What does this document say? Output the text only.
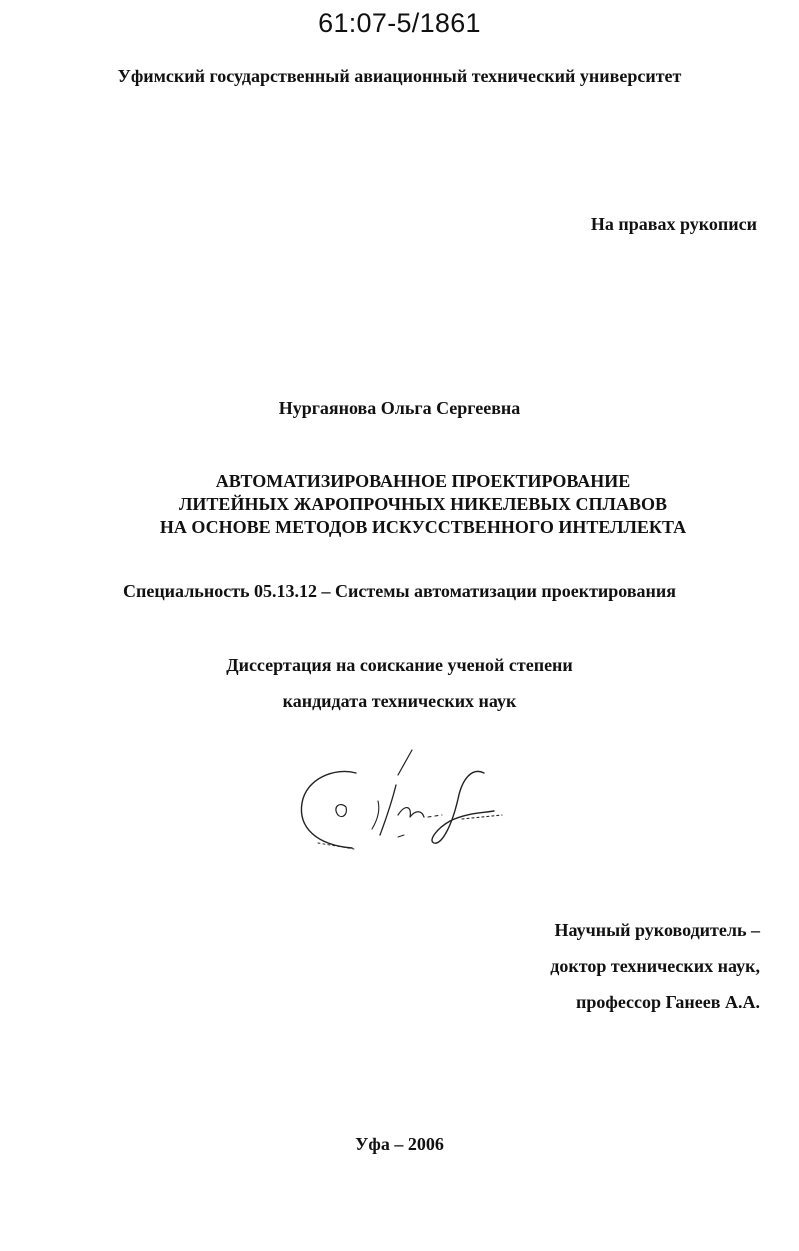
61:07-5/1861
Уфимский государственный авиационный технический университет
На правах рукописи
Нургаянова Ольга Сергеевна
АВТОМАТИЗИРОВАННОЕ ПРОЕКТИРОВАНИЕ
ЛИТЕЙНЫХ ЖАРОПРОЧНЫХ НИКЕЛЕВЫХ СПЛАВОВ
НА ОСНОВЕ МЕТОДОВ ИСКУССТВЕННОГО ИНТЕЛЛЕКТА
Специальность 05.13.12 – Системы автоматизации проектирования
Диссертация на соискание ученой степени
кандидата технических наук
Научный руководитель –
доктор технических наук,
профессор Ганеев А.А.
Уфа – 2006
